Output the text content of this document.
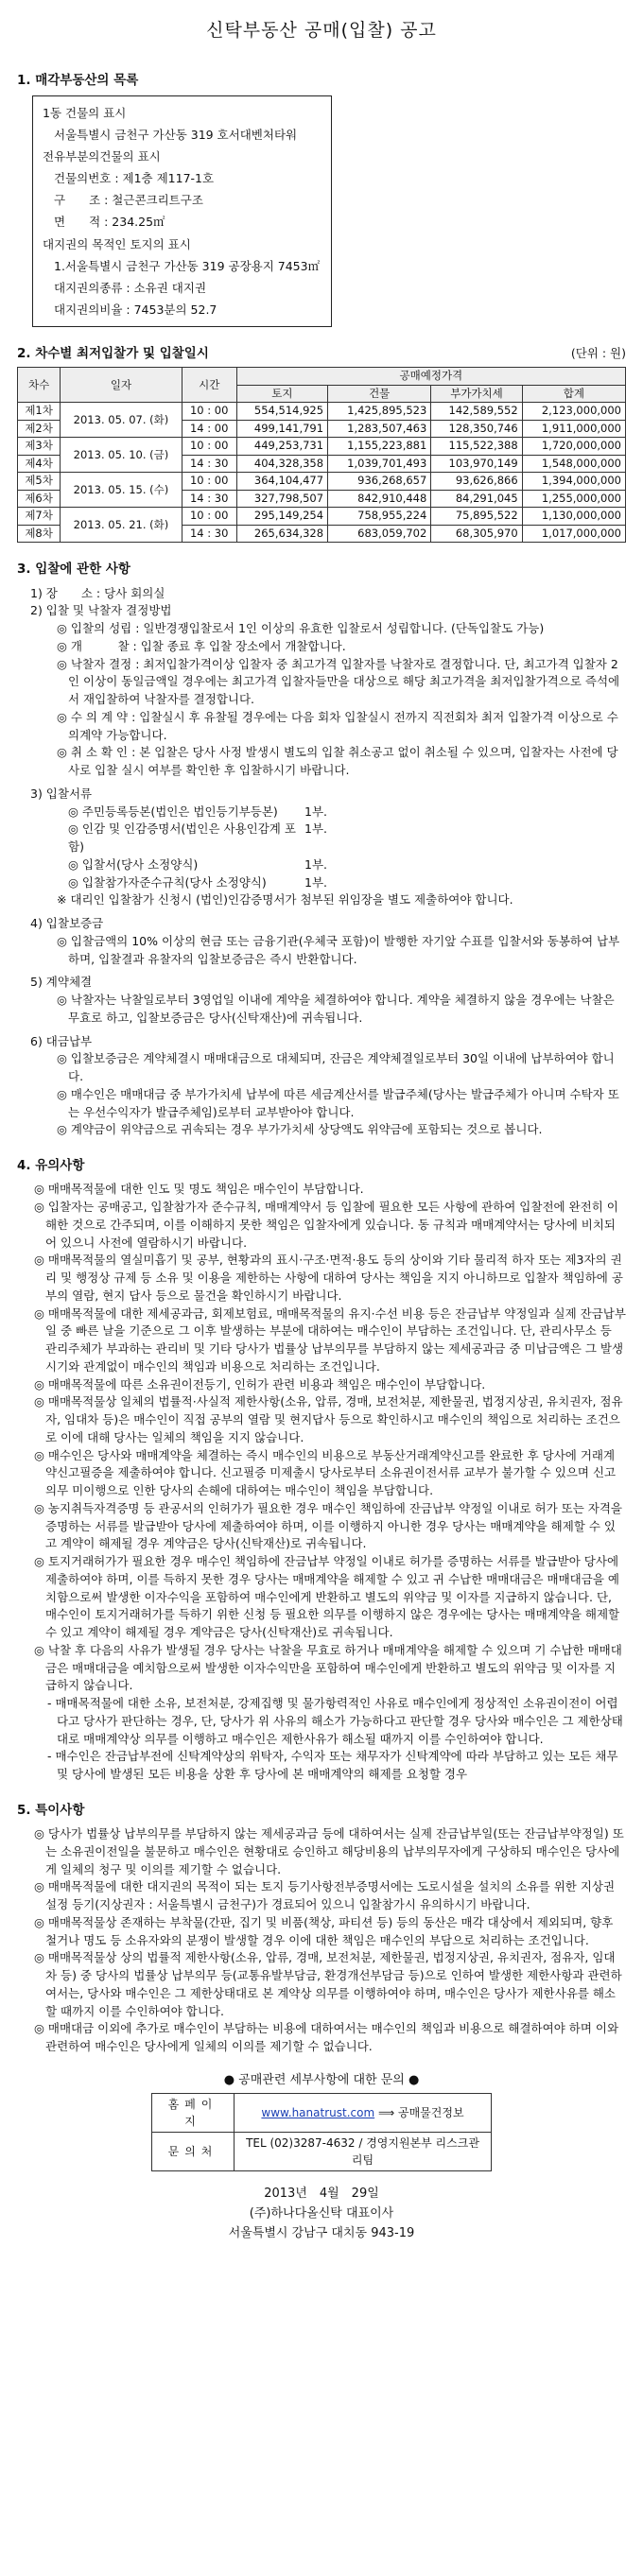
신탁부동산 공매(입찰) 공고
1. 매각부동산의 목록
1동 건물의 표시
서울특별시 금천구 가산동 319 호서대벤처타워
전유부분의건물의 표시
건물의번호 : 제1층 제117-1호
구　　조 : 철근콘크리트구조
면　　적 : 234.25㎡
대지권의 목적인 토지의 표시
1.서울특별시 금천구 가산동 319 공장용지 7453㎡
대지권의종류 : 소유권 대지권
대지권의비율 : 7453분의 52.7
2. 차수별 최저입찰가 및 입찰일시	(단위 : 원)
차수	일자	시간	공매예정가격			
			토지	건물	부가가치세	합계
제1차	2013. 05. 07. (화)	10 : 00	554,514,925	1,425,895,523	142,589,552	2,123,000,000
제2차		14 : 00	499,141,791	1,283,507,463	128,350,746	1,911,000,000
제3차	2013. 05. 10. (금)	10 : 00	449,253,731	1,155,223,881	115,522,388	1,720,000,000
제4차		14 : 30	404,328,358	1,039,701,493	103,970,149	1,548,000,000
제5차	2013. 05. 15. (수)	10 : 00	364,104,477	936,268,657	93,626,866	1,394,000,000
제6차		14 : 30	327,798,507	842,910,448	84,291,045	1,255,000,000
제7차	2013. 05. 21. (화)	10 : 00	295,149,254	758,955,224	75,895,522	1,130,000,000
제8차		14 : 30	265,634,328	683,059,702	68,305,970	1,017,000,000
3. 입찰에 관한 사항

1) 장　　소 : 당사 회의실

2) 입찰 및 낙찰자 결정방법

◎ 입찰의 성립 : 일반경쟁입찰로서 1인 이상의 유효한 입찰로서 성립합니다. (단독입찰도 가능)

◎ 개　　　찰 : 입찰 종료 후 입찰 장소에서 개찰합니다.

◎ 낙찰자 결정 : 최저입찰가격이상 입찰자 중 최고가격 입찰자를 낙찰자로 결정합니다. 단, 최고가격 입찰자 2인 이상이 동일금액일 경우에는 최고가격 입찰자들만을 대상으로 해당 최고가격을 최저입찰가격으로 즉석에서 재입찰하여 낙찰자를 결정합니다.

◎ 수 의 계 약 : 입찰실시 후 유찰될 경우에는 다음 회차 입찰실시 전까지 직전회차 최저 입찰가격 이상으로 수의계약 가능합니다.

◎ 취 소 확 인 : 본 입찰은 당사 사정 발생시 별도의 입찰 취소공고 없이 취소될 수 있으며, 입찰자는 사전에 당사로 입찰 실시 여부를 확인한 후 입찰하시기 바랍니다.

3) 입찰서류

◎ 주민등록등본(법인은 법인등기부등본)	1부.
◎ 인감 및 인감증명서(법인은 사용인감계 포함)
1부.
◎ 입찰서(당사 소정양식)	1부.
◎ 입찰참가자준수규칙(당사 소정양식)	1부.

※ 대리인 입찰참가 신청시 (법인)인감증명서가 첨부된 위임장을 별도 제출하여야 합니다.

4) 입찰보증금

◎ 입찰금액의 10% 이상의 현금 또는 금융기관(우체국 포함)이 발행한 자기앞 수표를 입찰서와 동봉하여 납부하며, 입찰결과 유찰자의 입찰보증금은 즉시 반환합니다.

5) 계약체결

◎ 낙찰자는 낙찰일로부터 3영업일 이내에 계약을 체결하여야 합니다. 계약을 체결하지 않을 경우에는 낙찰은 무효로 하고, 입찰보증금은 당사(신탁재산)에 귀속됩니다.

6) 대금납부

◎ 입찰보증금은 계약체결시 매매대금으로 대체되며, 잔금은 계약체결일로부터 30일 이내에 납부하여야 합니다.

◎ 매수인은 매매대금 중 부가가치세 납부에 따른 세금계산서를 발급주체(당사는 발급주체가 아니며 수탁자 또는 우선수익자가 발급주체임)로부터 교부받아야 합니다.

◎ 계약금이 위약금으로 귀속되는 경우 부가가치세 상당액도 위약금에 포함되는 것으로 봅니다.

4. 유의사항

◎ 매매목적물에 대한 인도 및 명도 책임은 매수인이 부담합니다.

◎ 입찰자는 공매공고, 입찰참가자 준수규칙, 매매계약서 등 입찰에 필요한 모든 사항에 관하여 입찰전에 완전히 이해한 것으로 간주되며, 이를 이해하지 못한 책임은 입찰자에게 있습니다. 동 규칙과 매매계약서는 당사에 비치되어 있으니 사전에 열람하시기 바랍니다.

◎ 매매목적물의 열실미흡기 및 공부, 현황과의 표시·구조·면적·용도 등의 상이와 기타 물리적 하자 또는 제3자의 권리 및 행정상 규제 등 소유 및 이용을 제한하는 사항에 대하여 당사는 책임을 지지 아니하므로 입찰자 책임하에 공부의 열람, 현지 답사 등으로 물건을 확인하시기 바랍니다.

◎ 매매목적물에 대한 제세공과금, 회제보험료, 매매목적물의 유지·수선 비용 등은 잔금납부 약정일과 실제 잔금납부일 중 빠른 날을 기준으로 그 이후 발생하는 부분에 대하여는 매수인이 부담하는 조건입니다. 단, 관리사무소 등 관리주체가 부과하는 관리비 및 기타 당사가 법률상 납부의무를 부담하지 않는 제세공과금 중 미납금액은 그 발생시기와 관계없이 매수인의 책임과 비용으로 처리하는 조건입니다.

◎ 매매목적물에 따른 소유권이전등기, 인허가 관련 비용과 책임은 매수인이 부담합니다.

◎ 매매목적물상 일체의 법률적·사실적 제한사항(소유, 압류, 경매, 보전처분, 제한물권, 법정지상권, 유치권자, 점유자, 임대차 등)은 매수인이 직접 공부의 열람 및 현지답사 등으로 확인하시고 매수인의 책임으로 처리하는 조건으로 이에 대해 당사는 일체의 책임을 지지 않습니다.

◎ 매수인은 당사와 매매계약을 체결하는 즉시 매수인의 비용으로 부동산거래계약신고를 완료한 후 당사에 거래계약신고필증을 제출하여야 합니다. 신고필증 미제출시 당사로부터 소유권이전서류 교부가 불가할 수 있으며 신고의무 미이행으로 인한 당사의 손해에 대하여는 매수인이 책임을 부담합니다.

◎ 농지취득자격증명 등 관공서의 인허가가 필요한 경우 매수인 책임하에 잔금납부 약정일 이내로 허가 또는 자격을 증명하는 서류를 발급받아 당사에 제출하여야 하며, 이를 이행하지 아니한 경우 당사는 매매계약을 해제할 수 있고 계약이 해제될 경우 계약금은 당사(신탁재산)로 귀속됩니다.

◎ 토지거래허가가 필요한 경우 매수인 책임하에 잔금납부 약정일 이내로 허가를 증명하는 서류를 발급받아 당사에 제출하여야 하며, 이를 득하지 못한 경우 당사는 매매계약을 해제할 수 있고 귀 수납한 매매대금은 매매대금을 예치함으로써 발생한 이자수익을 포함하여 매수인에게 반환하고 별도의 위약금 및 이자를 지급하지 않습니다. 단, 매수인이 토지거래허가를 득하기 위한 신청 등 필요한 의무를 이행하지 않은 경우에는 당사는 매매계약을 해제할 수 있고 계약이 해제될 경우 계약금은 당사(신탁재산)로 귀속됩니다.

◎ 낙찰 후 다음의 사유가 발생될 경우 당사는 낙찰을 무효로 하거나 매매계약을 해제할 수 있으며 기 수납한 매매대금은 매매대금을 예치함으로써 발생한 이자수익만을 포함하여 매수인에게 반환하고 별도의 위약금 및 이자를 지급하지 않습니다.

- 매매목적물에 대한 소유, 보전처분, 강제집행 및 물가항력적인 사유로 매수인에게 정상적인 소유권이전이 어렵다고 당사가 판단하는 경우, 단, 당사가 위 사유의 해소가 가능하다고 판단할 경우 당사와 매수인은 그 제한상태대로 매매계약상 의무를 이행하고 매수인은 제한사유가 해소될 때까지 이를 수인하여야 합니다.

- 매수인은 잔금납부전에 신탁계약상의 위탁자, 수익자 또는 채무자가 신탁계약에 따라 부담하고 있는 모든 채무 및 당사에 발생된 모든 비용을 상환 후 당사에 본 매매계약의 해제를 요청할 경우

5. 특이사항

◎ 당사가 법률상 납부의무를 부담하지 않는 제세공과금 등에 대하여서는 실제 잔금납부일(또는 잔금납부약정일) 또는 소유권이전일을 불문하고 매수인은 현황대로 승인하고 해당비용의 납부의무자에게 구상하되 매수인은 당사에게 일체의 청구 및 이의를 제기할 수 없습니다.

◎ 매매목적물에 대한 대지권의 목적이 되는 토지 등기사항전부증명서에는 도로시설을 설치의 소유를 위한 지상권설정 등기(지상권자 : 서울특별시 금천구)가 경료되어 있으니 입찰참가시 유의하시기 바랍니다.

◎ 매매목적물상 존재하는 부착물(간판, 집기 및 비품(책상, 파티션 등) 등의 동산은 매각 대상에서 제외되며, 향후 철거나 명도 등 소유자와의 분쟁이 발생할 경우 이에 대한 책임은 매수인의 부담으로 처리하는 조건입니다.

◎ 매매목적물상 상의 법률적 제한사항(소유, 압류, 경매, 보전처분, 제한물권, 법정지상권, 유치권자, 점유자, 임대차 등) 중 당사의 법률상 납부의무 등(교통유발부담금, 환경개선부담금 등)으로 인하여 발생한 제한사항과 관련하여서는, 당사와 매수인은 그 제한상태대로 본 계약상 의무를 이행하여야 하며, 매수인은 당사가 제한사유를 해소할 때까지 이를 수인하여야 합니다.

◎ 매매대금 이외에 추가로 매수인이 부담하는 비용에 대하여서는 매수인의 책임과 비용으로 해결하여야 하며 이와 관련하여 매수인은 당사에게 일체의 이의를 제기할 수 없습니다.

● 공매관련 세부사항에 대한 문의 ●
홈페이지	www.hanatrust.com ⟹ 공매물건정보
문의처	TEL (02)3287-4632 / 경영지원본부 리스크관리팀
2013년　4월　29일
(주)하나다올신탁 대표이사
서울특별시 강남구 대치동 943-19
